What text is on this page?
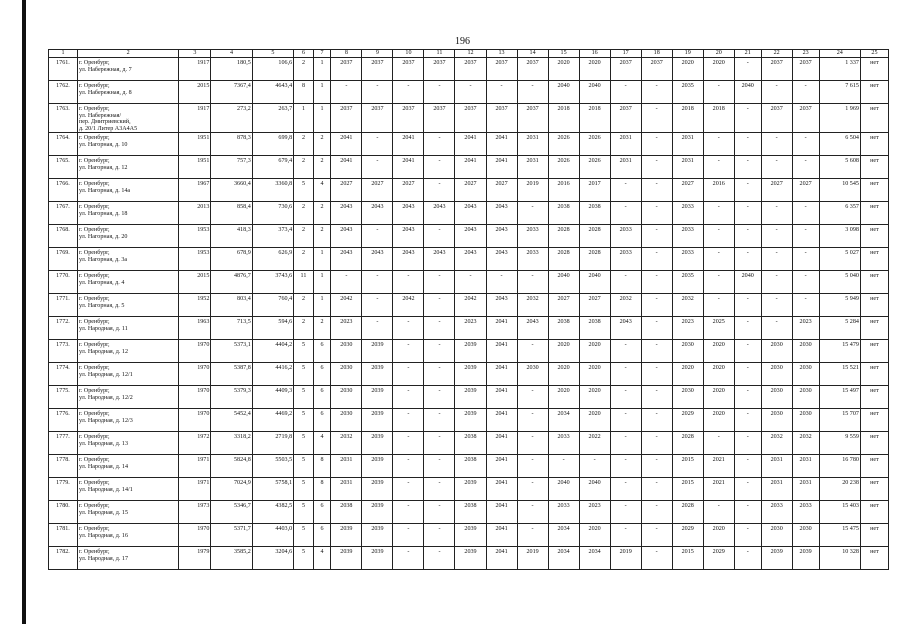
196
1	2	3	4	5	6	7	8	9	10	11	12	13	14	15	16	17	18	19	20	21	22	23	24	25
1761.	г. Оренбург,
ул. Набережная, д. 7	1917	180,5	106,6	2	1	2037	2037	2037	2037	2037	2037	2037	2020	2020	2037	2037	2020	2020	-	2037	2037	1 337	нет
1762.	г. Оренбург,
ул. Набережная, д. 8	2015	7367,4	4643,4	8	1	-	-	-	-	-	-	-	2040	2040	-	-	2035	-	2040	-	-	7 615	нет
1763.	г. Оренбург,
ул. Набережная/
пер. Дмитриевский,
д. 20/1 Литер А3А4А5	1917	273,2	263,7	1	1	2037	2037	2037	2037	2037	2037	2037	2018	2018	2037	-	2018	2018	-	2037	2037	1 969	нет
1764.	г. Оренбург,
ул. Нагорная, д. 10	1951	878,3	699,8	2	2	2041	-	2041	-	2041	2041	2031	2026	2026	2031	-	2031	-	-	-	-	6 504	нет
1765.	г. Оренбург,
ул. Нагорная, д. 12	1951	757,3	679,4	2	2	2041	-	2041	-	2041	2041	2031	2026	2026	2031	-	2031	-	-	-	-	5 608	нет
1766.	г. Оренбург,
ул. Нагорная, д. 14а	1967	3660,4	3360,8	5	4	2027	2027	2027	-	2027	2027	2019	2016	2017	-	-	2027	2016	-	2027	2027	10 545	нет
1767.	г. Оренбург,
ул. Нагорная, д. 18	2013	858,4	730,6	2	2	2043	2043	2043	2043	2043	2043	-	2038	2038	-	-	2033	-	-	-	-	6 357	нет
1768.	г. Оренбург,
ул. Нагорная, д. 20	1953	418,3	373,4	2	2	2043	-	2043	-	2043	2043	2033	2028	2028	2033	-	2033	-	-	-	-	3 098	нет
1769.	г. Оренбург,
ул. Нагорная, д. 3а	1953	678,9	626,9	2	1	2043	2043	2043	2043	2043	2043	2033	2028	2028	2033	-	2033	-	-	-	-	5 027	нет
1770.	г. Оренбург,
ул. Нагорная, д. 4	2015	4876,7	3743,6	11	1	-	-	-	-	-	-	-	2040	2040	-	-	2035	-	2040	-	-	5 040	нет
1771.	г. Оренбург,
ул. Нагорная, д. 5	1952	803,4	760,4	2	1	2042	-	2042	-	2042	2043	2032	2027	2027	2032	-	2032	-	-	-	-	5 949	нет
1772.	г. Оренбург,
ул. Народная, д. 11	1963	713,5	594,6	2	2	2023	-	-	-	2023	2041	2043	2038	2038	2043	-	2023	2025	-	-	2023	5 284	нет
1773.	г. Оренбург,
ул. Народная, д. 12	1970	5373,1	4404,2	5	6	2030	2039	-	-	2039	2041	-	2020	2020	-	-	2030	2020	-	2030	2030	15 479	нет
1774.	г. Оренбург,
ул. Народная, д. 12/1	1970	5387,8	4416,2	5	6	2030	2039	-	-	2039	2041	2030	2020	2020	-	-	2020	2020	-	2030	2030	15 521	нет
1775.	г. Оренбург,
ул. Народная, д. 12/2	1970	5379,3	4409,3	5	6	2030	2039	-	-	2039	2041	-	2020	2020	-	-	2030	2020	-	2030	2030	15 497	нет
1776.	г. Оренбург,
ул. Народная, д. 12/3	1970	5452,4	4469,2	5	6	2030	2039	-	-	2039	2041	-	2034	2020	-	-	2029	2020	-	2030	2030	15 707	нет
1777.	г. Оренбург,
ул. Народная, д. 13	1972	3318,2	2719,8	5	4	2032	2039	-	-	2038	2041	-	2033	2022	-	-	2028	-	-	2032	2032	9 559	нет
1778.	г. Оренбург,
ул. Народная, д. 14	1971	5824,8	5503,5	5	8	2031	2039	-	-	2038	2041	-	-	-	-	-	2015	2021	-	2031	2031	16 780	нет
1779.	г. Оренбург,
ул. Народная, д. 14/1	1971	7024,9	5758,1	5	8	2031	2039	-	-	2039	2041	-	2040	2040	-	-	2015	2021	-	2031	2031	20 238	нет
1780.	г. Оренбург,
ул. Народная, д. 15	1973	5346,7	4382,5	5	6	2038	2039	-	-	2038	2041	-	2033	2023	-	-	2028	-	-	2033	2033	15 403	нет
1781.	г. Оренбург,
ул. Народная, д. 16	1970	5371,7	4403,0	5	6	2039	2039	-	-	2039	2041	-	2034	2020	-	-	2029	2020	-	2030	2030	15 475	нет
1782.	г. Оренбург,
ул. Народная, д. 17	1979	3585,2	3204,6	5	4	2039	2039	-	-	2039	2041	2019	2034	2034	2019	-	2015	2029	-	2039	2039	10 328	нет
